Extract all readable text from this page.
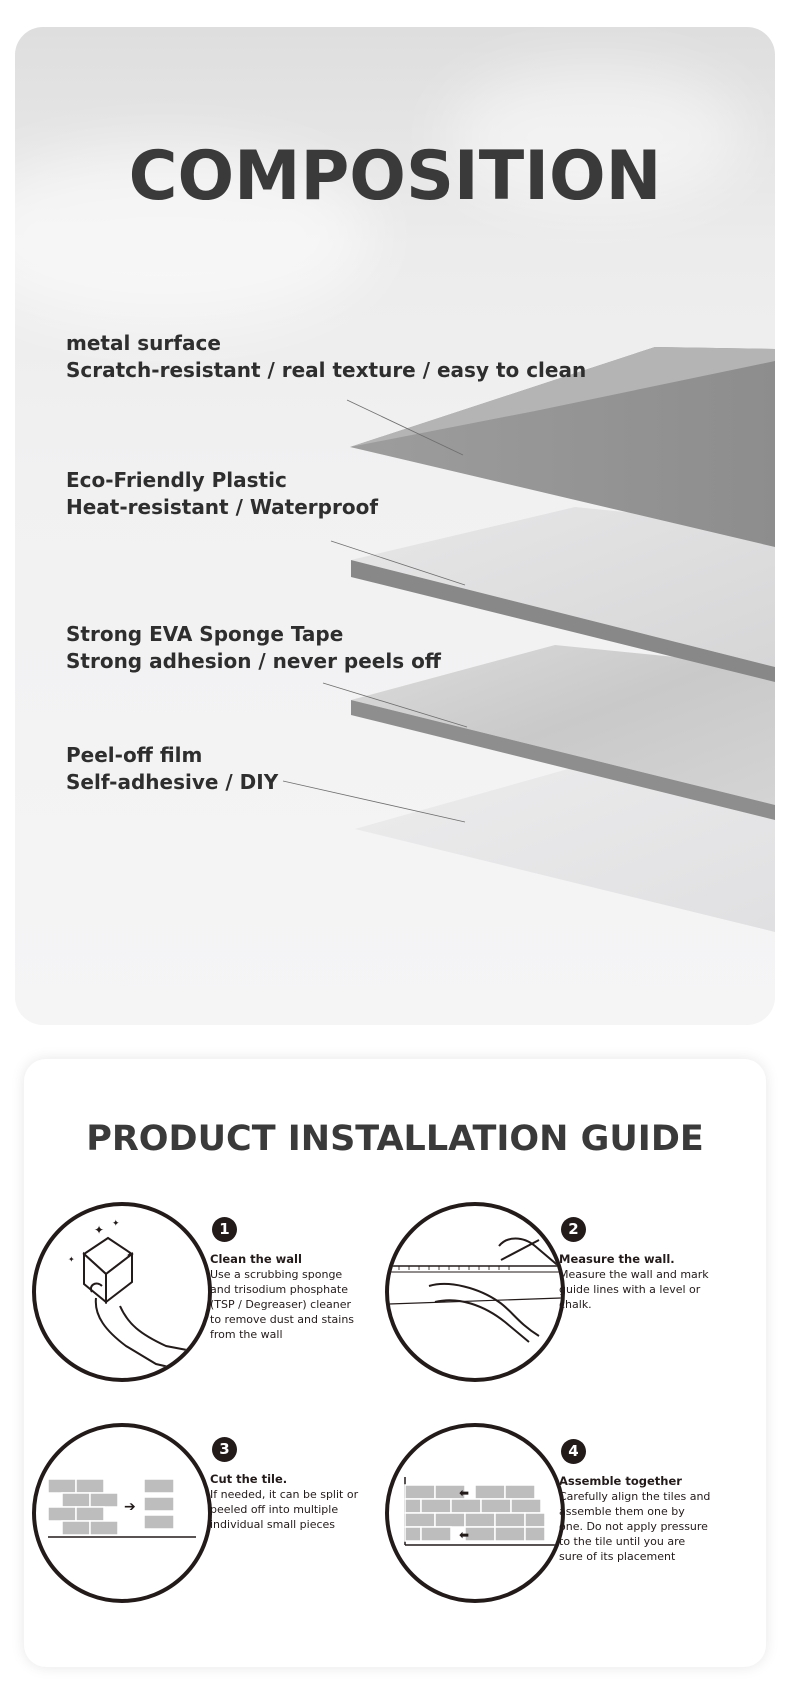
COMPOSITION
metal surface
Scratch-resistant / real texture / easy to clean
Eco-Friendly Plastic
Heat-resistant / Waterproof
Strong EVA Sponge Tape
Strong adhesion / never peels off
Peel-off film
Self-adhesive / DIY
PRODUCT INSTALLATION GUIDE
✦ ✦
✦	✦
1
Clean the wall
Use a scrubbing sponge and trisodium phosphate (TSP / Degreaser) cleaner to remove dust and stains from the wall
2
Measure the wall.
Measure the wall and mark guide lines with a level or chalk.
➔
3
Cut the tile.
If needed, it can be split or peeled off into multiple individual small pieces
⬅
⬅
4
Assemble together
Carefully align the tiles and assemble them one by one. Do not apply pressure to the tile until you are sure of its placement
